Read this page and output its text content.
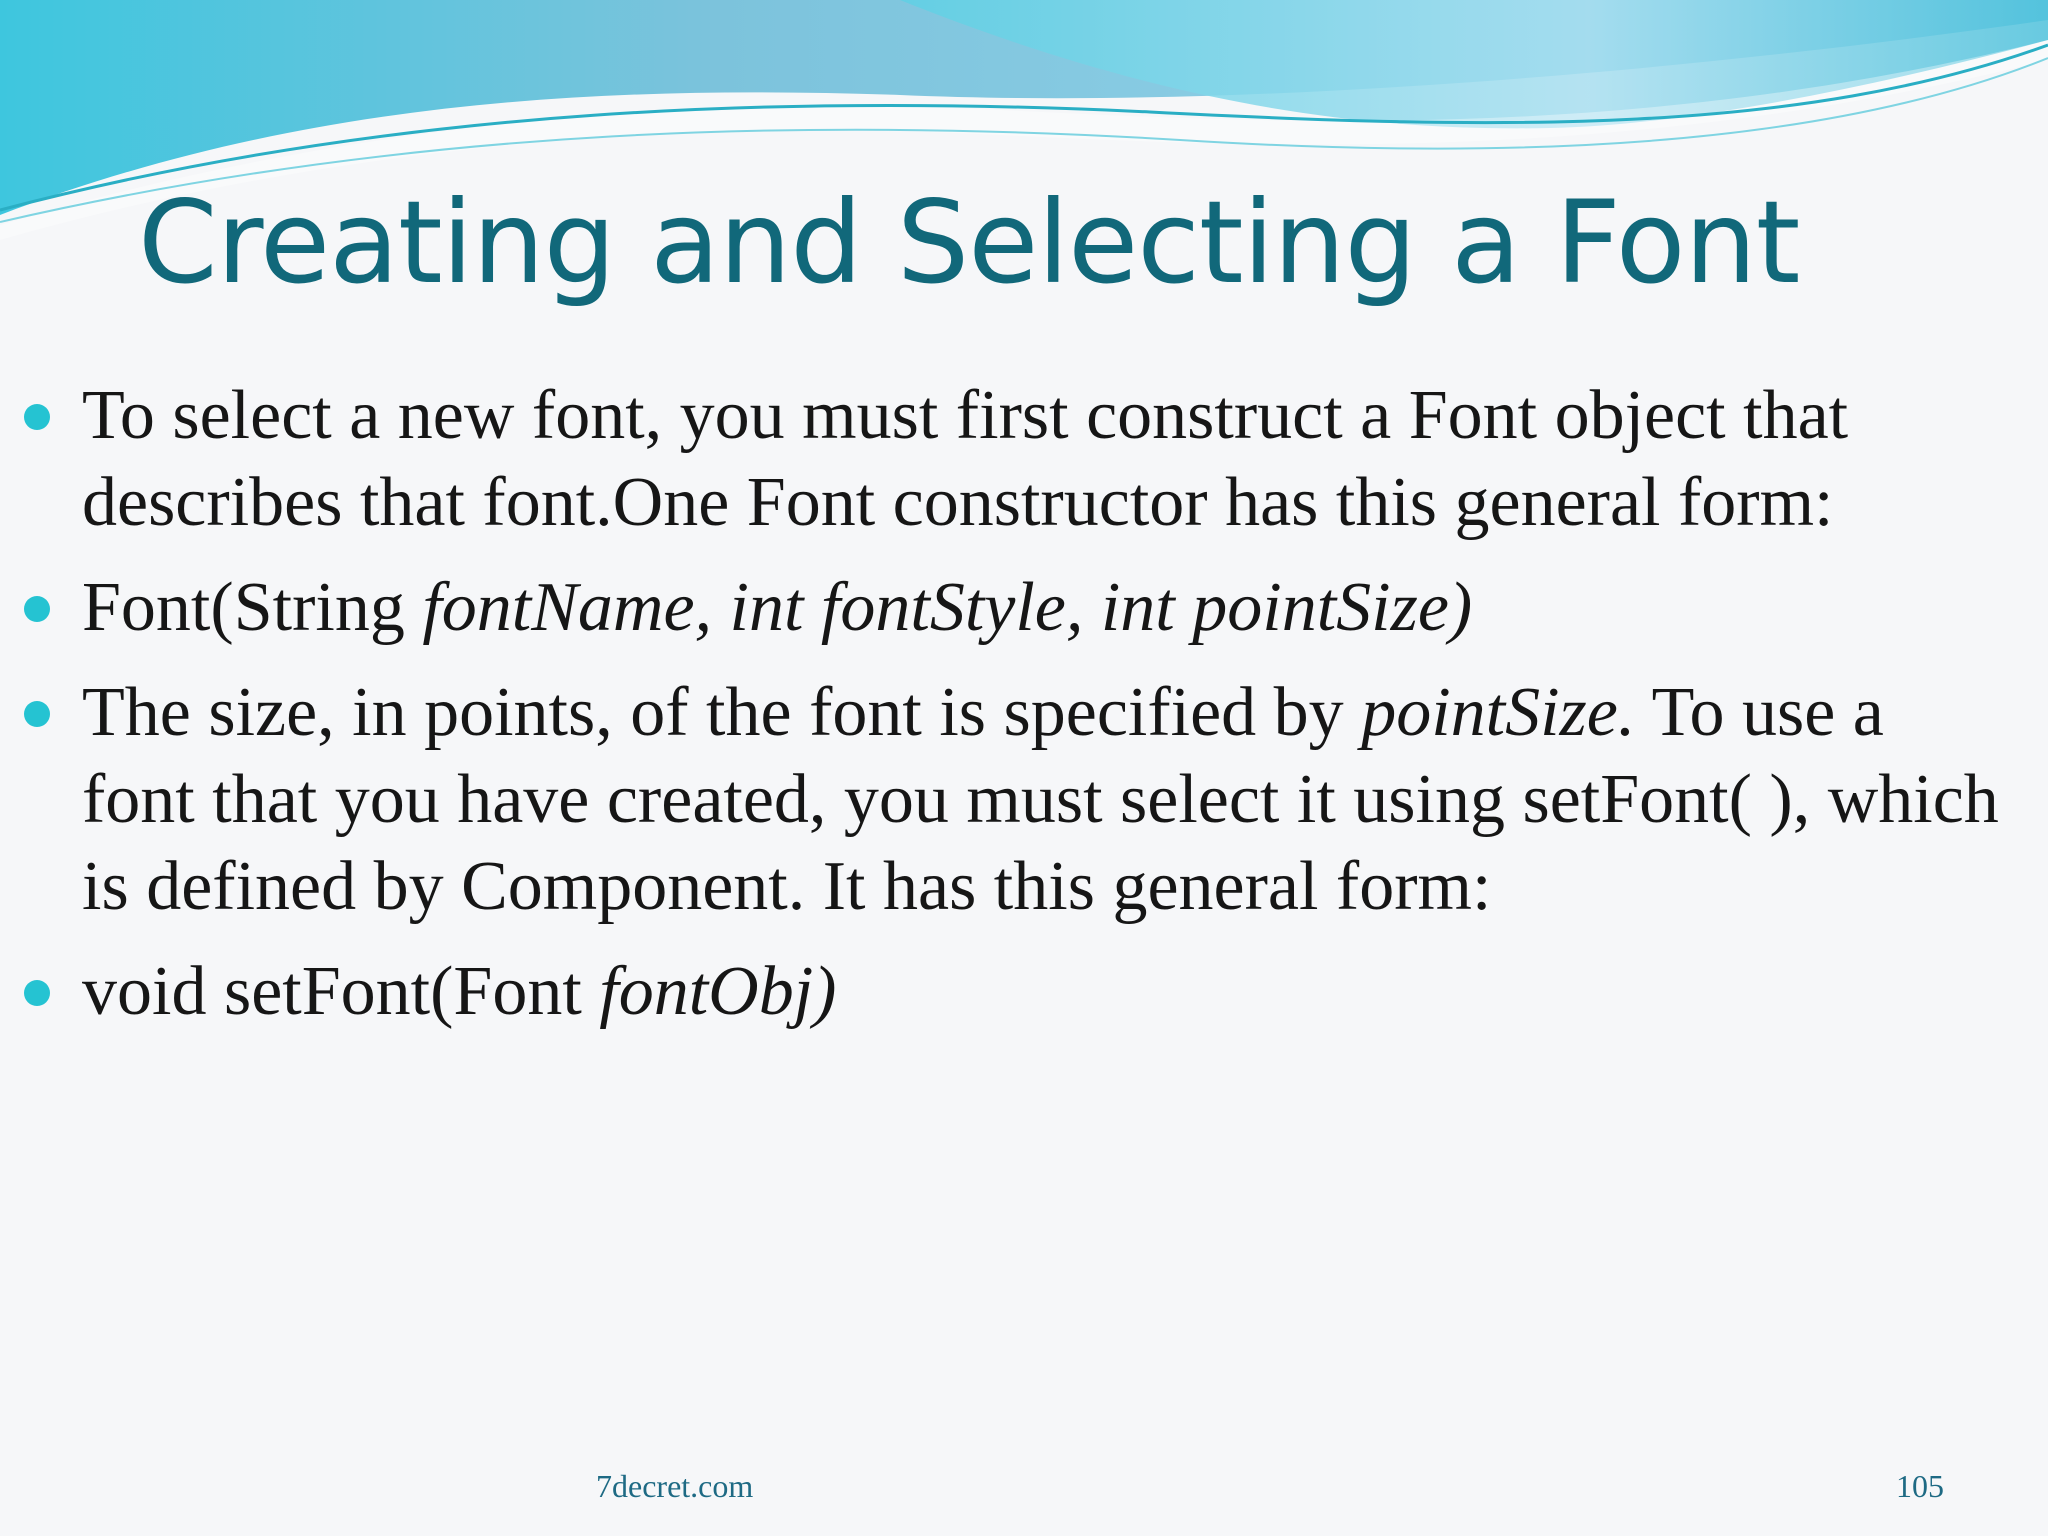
Creating and Selecting a Font
To select a new font, you must first construct a Font object that describes that font.One Font constructor has this general form:
Font(String fontName, int fontStyle, int pointSize)
The size, in points, of the font is specified by pointSize. To use a font that you have created, you must select it using setFont( ), which is defined by Component. It has this general form:
void setFont(Font fontObj)
7decret.com	105
